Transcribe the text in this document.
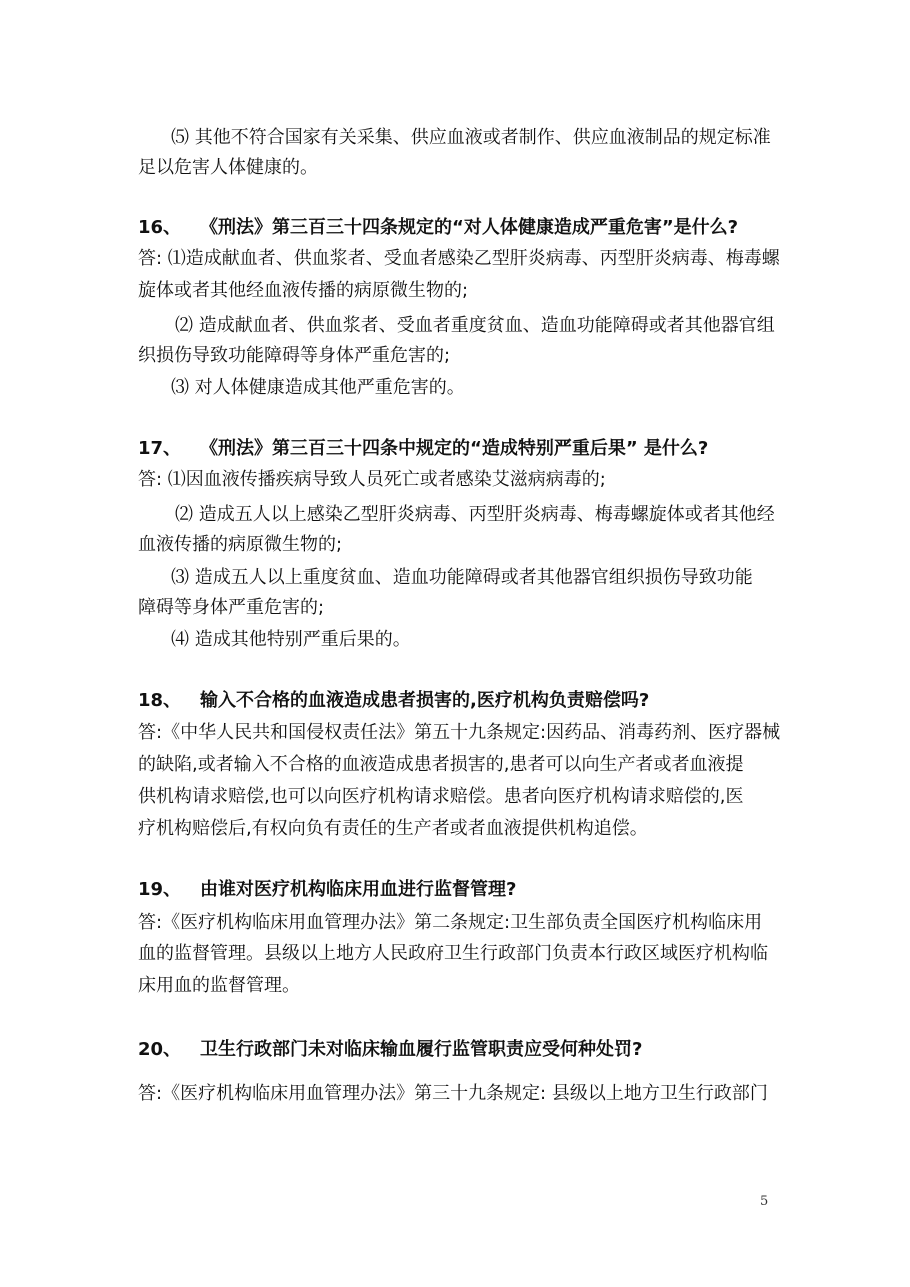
⑸ 其他不符合国家有关采集、供应血液或者制作、供应血液制品的规定标准
足以危害人体健康的。
16、 《刑法》第三百三十四条规定的“对人体健康造成严重危害”是什么?
答: ⑴造成献血者、供血浆者、受血者感染乙型肝炎病毒、丙型肝炎病毒、梅毒螺
旋体或者其他经血液传播的病原微生物的;
⑵ 造成献血者、供血浆者、受血者重度贫血、造血功能障碍或者其他器官组
织损伤导致功能障碍等身体严重危害的;
⑶ 对人体健康造成其他严重危害的。
17、 《刑法》第三百三十四条中规定的“造成特别严重后果” 是什么?
答: ⑴因血液传播疾病导致人员死亡或者感染艾滋病病毒的;
⑵ 造成五人以上感染乙型肝炎病毒、丙型肝炎病毒、梅毒螺旋体或者其他经
血液传播的病原微生物的;
⑶ 造成五人以上重度贫血、造血功能障碍或者其他器官组织损伤导致功能
障碍等身体严重危害的;
⑷ 造成其他特别严重后果的。
18、 输入不合格的血液造成患者损害的,医疗机构负责赔偿吗?
答:《中华人民共和国侵权责任法》第五十九条规定:因药品、消毒药剂、医疗器械
的缺陷,或者输入不合格的血液造成患者损害的,患者可以向生产者或者血液提
供机构请求赔偿,也可以向医疗机构请求赔偿。患者向医疗机构请求赔偿的,医
疗机构赔偿后,有权向负有责任的生产者或者血液提供机构追偿。
19、 由谁对医疗机构临床用血进行监督管理?
答:《医疗机构临床用血管理办法》第二条规定:卫生部负责全国医疗机构临床用
血的监督管理。县级以上地方人民政府卫生行政部门负责本行政区域医疗机构临
床用血的监督管理。
20、 卫生行政部门未对临床输血履行监管职责应受何种处罚?
答:《医疗机构临床用血管理办法》第三十九条规定: 县级以上地方卫生行政部门
5
